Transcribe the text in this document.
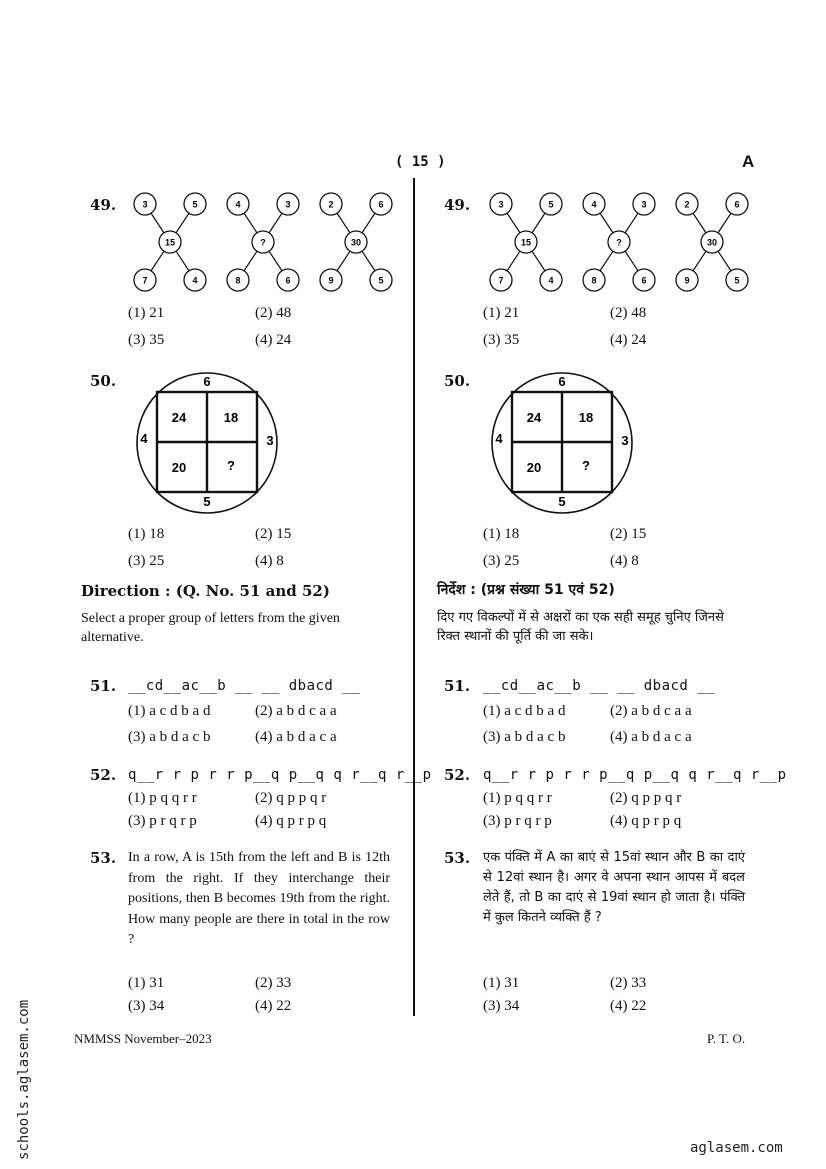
( 15 )	A
49.	3	5
15
7	4
4	3
?
8	6
2	6
30
9	5
(1) 21	(2) 48
(3) 35	(4) 24
50.
24	18
20	?
6
4	3
5
(1) 18	(2) 15
(3) 25	(4) 8
Direction : (Q. No. 51 and 52)
Select a proper group of letters from the given alternative.
51. __cd__ac__b __ __ dbacd __
(1) a c d b a d	(2) a b d c a a
(3) a b d a c b	(4) a b d a c a
52. q__r r p r r p__q p__q q r__q r__p
(1) p q q r r	(2) q p p q r
(3) p r q r p	(4) q p r p q
53. In a row, A is 15th from the left and B is 12th from the right. If they interchange their positions, then B becomes 19th from the right. How many people are there in total in the row ?
(1) 31	(2) 33
(3) 34	(4) 22
49.	3	5
15
7	4
4	3
?
8	6
2	6
30
9	5
(1) 21	(2) 48
(3) 35	(4) 24
50.
24	18
20	?
6
4	3
5
(1) 18	(2) 15
(3) 25	(4) 8
निर्देश : (प्रश्न संख्या 51 एवं 52)
दिए गए विकल्पों में से अक्षरों का एक सही समूह चुनिए जिनसे रिक्त स्थानों की पूर्ति की जा सके।
51. __cd__ac__b __ __ dbacd __
(1) a c d b a d	(2) a b d c a a
(3) a b d a c b	(4) a b d a c a
52. q__r r p r r p__q p__q q r__q r__p
(1) p q q r r	(2) q p p q r
(3) p r q r p	(4) q p r p q
53. एक पंक्ति में A का बाएं से 15वां स्थान और B का दाएं से 12वां स्थान है। अगर वे अपना स्थान आपस में बदल लेते हैं, तो B का दाएं से 19वां स्थान हो जाता है। पंक्ति में कुल कितने व्यक्ति हैं ?
(1) 31	(2) 33
(3) 34	(4) 22
NMMSS November–2023	P. T. O.
aglasem.com
schools.aglasem.com
